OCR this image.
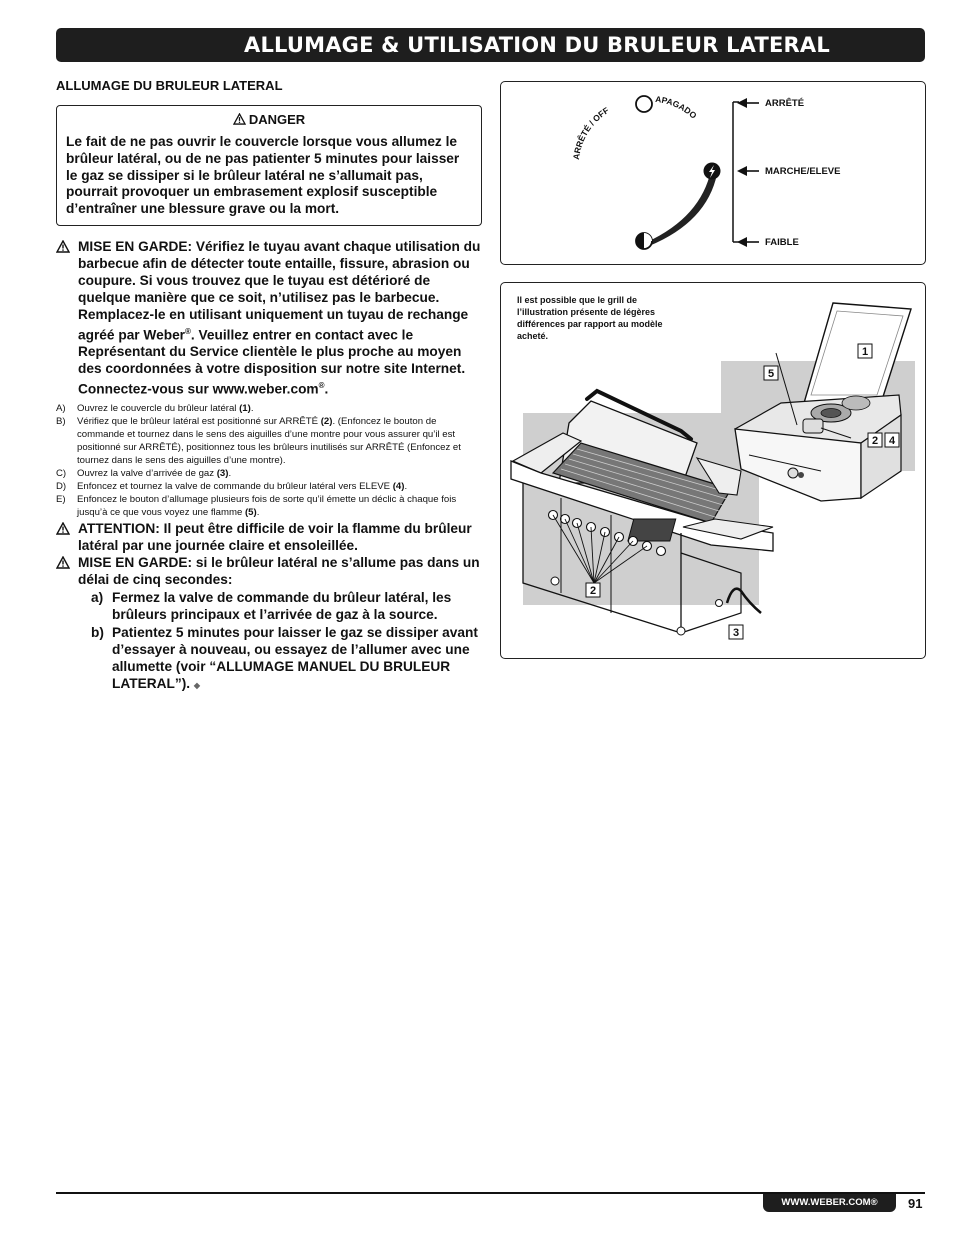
ALLUMAGE & UTILISATION DU BRULEUR LATERAL
ALLUMAGE DU BRULEUR LATERAL
DANGER
Le fait de ne pas ouvrir le couvercle lorsque vous allumez le brûleur latéral, ou de ne pas patienter 5 minutes pour laisser le gaz se dissiper si le brûleur latéral ne s’allumait pas, pourrait provoquer un embrasement explosif susceptible d’entraîner une blessure grave ou la mort.
MISE EN GARDE: Vérifiez le tuyau avant chaque utilisation du barbecue afin de détecter toute entaille, fissure, abrasion ou coupure. Si vous trouvez que le tuyau est détérioré de quelque manière que ce soit, n’utilisez pas le barbecue. Remplacez-le en utilisant uniquement un tuyau de rechange agréé par Weber®. Veuillez entrer en contact avec le Représentant du Service clientèle le plus proche au moyen des coordonnées à votre disposition sur notre site Internet. Connectez-vous sur www.weber.com®.
A) Ouvrez le couvercle du brûleur latéral (1).
B) Vérifiez que le brûleur latéral est positionné sur ARRÊTÉ (2). (Enfoncez le bouton de commande et tournez dans le sens des aiguilles d’une montre pour vous assurer qu’il est positionné sur ARRÊTÉ), positionnez tous les brûleurs inutilisés sur ARRÊTÉ (Enfoncez et tournez dans le sens des aiguilles d’une montre).
C) Ouvrez la valve d’arrivée de gaz (3).
D) Enfoncez et tournez la valve de commande du brûleur latéral vers ELEVE (4).
E) Enfoncez le bouton d’allumage plusieurs fois de sorte qu’il émette un déclic à chaque fois jusqu’à ce que vous voyez une flamme (5).
ATTENTION: Il peut être difficile de voir la flamme du brûleur latéral par une journée claire et ensoleillée.
MISE EN GARDE: si le brûleur latéral ne s’allume pas dans un délai de cinq secondes:
a) Fermez la valve de commande du brûleur latéral, les brûleurs principaux et l’arrivée de gaz à la source.
b) Patientez 5 minutes pour laisser le gaz se dissiper avant d’essayer à nouveau, ou essayez de l’allumer avec une allumette (voir “ALLUMAGE MANUEL DU BRULEUR LATERAL”). ◆
ARRÊTÉ / OFF
APAGADO
ARRÊTÉ
MARCHE/ELEVE
FAIBLE
Il est possible que le grill de l’illustration présente de légères différences par rapport au modèle acheté.
1
5
2 4
2
3
WWW.WEBER.COM®	91
